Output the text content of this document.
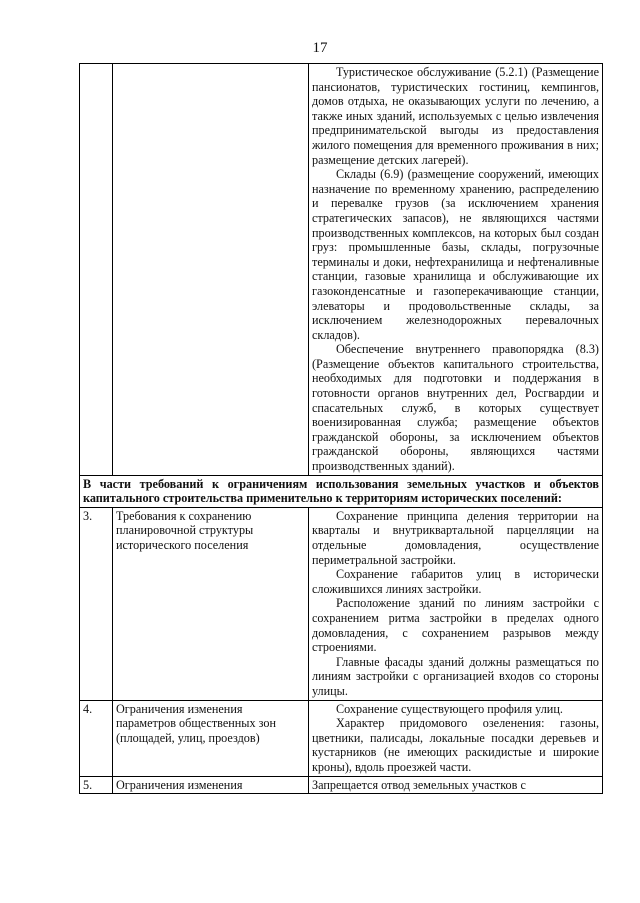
17

		Туристическое обслуживание (5.2.1) (Размещение пансионатов, туристических гостиниц, кемпингов, домов отдыха, не оказывающих услуги по лечению, а также иных зданий, используемых с целью извлечения предпринимательской выгоды из предоставления жилого помещения для временного проживания в них; размещение детских лагерей).

Склады (6.9) (размещение сооружений, имеющих назначение по временному хранению, распределению и перевалке грузов (за исключением хранения стратегических запасов), не являющихся частями производственных комплексов, на которых был создан груз: промышленные базы, склады, погрузочные терминалы и доки, нефтехранилища и нефтеналивные станции, газовые хранилища и обслуживающие их газоконденсатные и газоперекачивающие станции, элеваторы и продовольственные склады, за исключением железнодорожных перевалочных складов).

Обеспечение внутреннего правопорядка (8.3) (Размещение объектов капитального строительства, необходимых для подготовки и поддержания в готовности органов внутренних дел, Росгвардии и спасательных служб, в которых существует военизированная служба; размещение объектов гражданской обороны, за исключением объектов гражданской обороны, являющихся частями производственных зданий).

В части требований к ограничениям использования земельных участков и объектов капитального строительства применительно к территориям исторических поселений:		
3.	Требования к сохранению планировочной структуры исторического поселения	Сохранение принципа деления территории на кварталы и внутриквартальной парцелляции на отдельные домовладения, осуществление периметральной застройки.

Сохранение габаритов улиц в исторически сложившихся линиях застройки.

Расположение зданий по линиям застройки с сохранением ритма застройки в пределах одного домовладения, с сохранением разрывов между строениями.

Главные фасады зданий должны размещаться по линиям застройки с организацией входов со стороны улицы.

4.	Ограничения изменения параметров общественных зон (площадей, улиц, проездов)	Сохранение существующего профиля улиц.

Характер придомового озеленения: газоны, цветники, палисады, локальные посадки деревьев и кустарников (не имеющих раскидистые и широкие кроны), вдоль проезжей части.

5.	Ограничения изменения	Запрещается отвод земельных участков с
